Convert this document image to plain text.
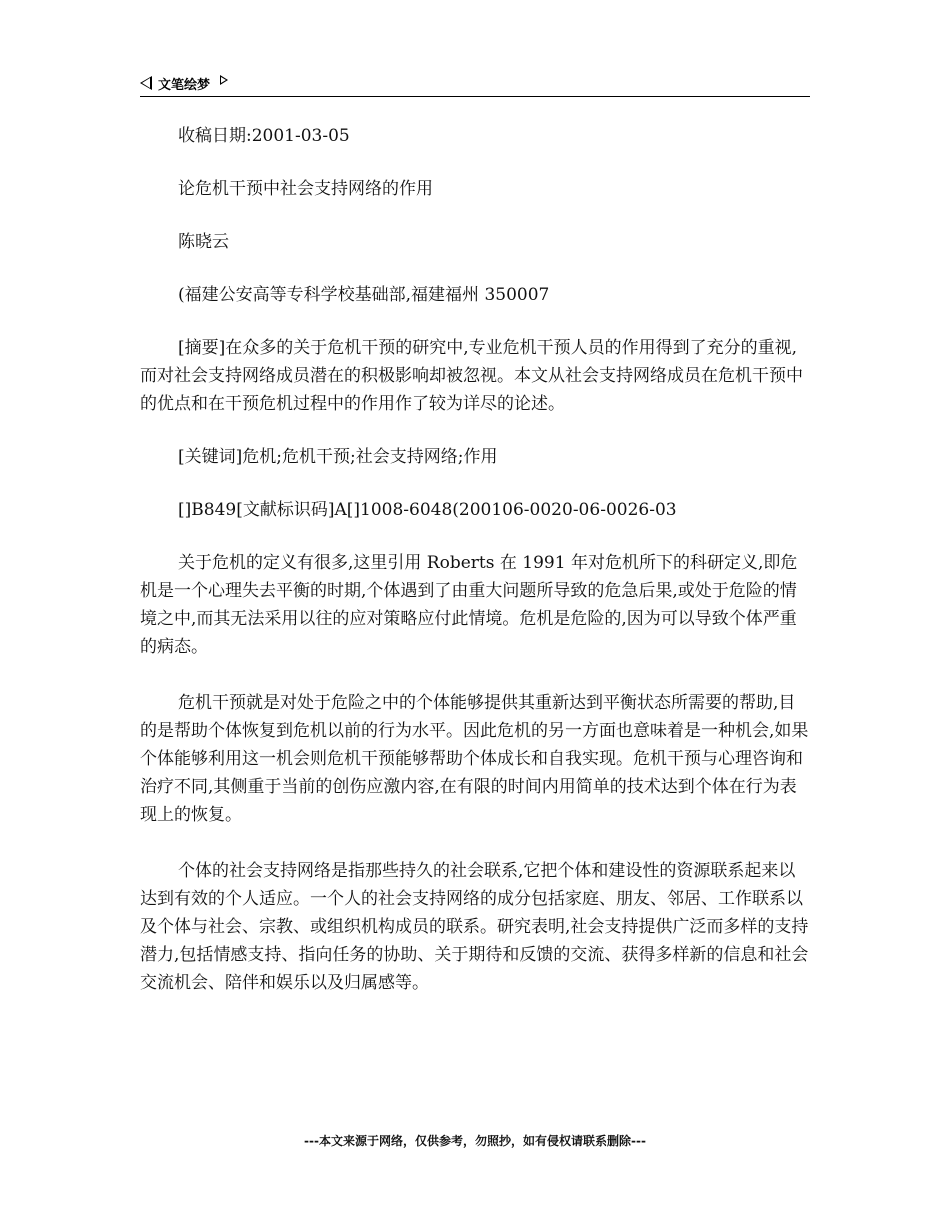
文笔绘梦

收稿日期:2001-03-05

论危机干预中社会支持网络的作用

陈晓云

(福建公安高等专科学校基础部,福建福州 350007

[摘要]在众多的关于危机干预的研究中,专业危机干预人员的作用得到了充分的重视,而对社会支持网络成员潜在的积极影响却被忽视。本文从社会支持网络成员在危机干预中的优点和在干预危机过程中的作用作了较为详尽的论述。

[关键词]危机;危机干预;社会支持网络;作用

[]B849[文献标识码]A[]1008-6048(200106-0020-06-0026-03

关于危机的定义有很多,这里引用 Roberts 在 1991 年对危机所下的科研定义,即危机是一个心理失去平衡的时期,个体遇到了由重大问题所导致的危急后果,或处于危险的情境之中,而其无法采用以往的应对策略应付此情境。危机是危险的,因为可以导致个体严重的病态。

危机干预就是对处于危险之中的个体能够提供其重新达到平衡状态所需要的帮助,目的是帮助个体恢复到危机以前的行为水平。因此危机的另一方面也意味着是一种机会,如果个体能够利用这一机会则危机干预能够帮助个体成长和自我实现。危机干预与心理咨询和治疗不同,其侧重于当前的创伤应激内容,在有限的时间内用简单的技术达到个体在行为表现上的恢复。

个体的社会支持网络是指那些持久的社会联系,它把个体和建设性的资源联系起来以达到有效的个人适应。一个人的社会支持网络的成分包括家庭、朋友、邻居、工作联系以及个体与社会、宗教、或组织机构成员的联系。研究表明,社会支持提供广泛而多样的支持潜力,包括情感支持、指向任务的协助、关于期待和反馈的交流、获得多样新的信息和社会交流机会、陪伴和娱乐以及归属感等。

---本文来源于网络，仅供参考，勿照抄，如有侵权请联系删除---
